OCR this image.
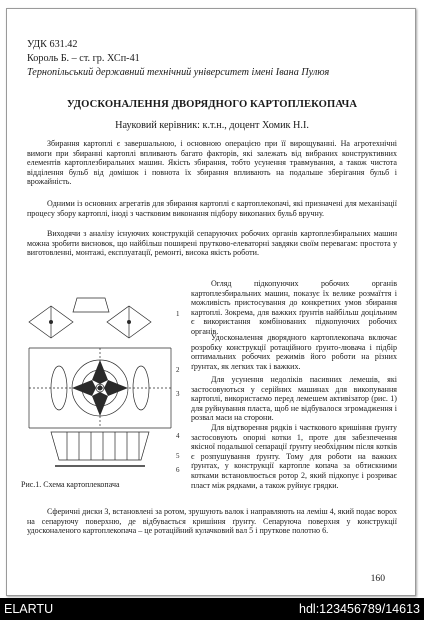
УДК 631.42
Король Б. – ст. гр. ХСп-41
Тернопільський державний технічний університет імені Івана Пулюя
УДОСКОНАЛЕННЯ ДВОРЯДНОГО КАРТОПЛЕКОПАЧА
Науковий керівник: к.т.н., доцент Хомик Н.І.

Збирання картоплі є завершальною, і основною операцією при її вирощуванні. На агротехнічні вимоги при збиранні картоплі впливають багато факторів, які залежать від вибраних конструктивних елементів картоплезбиральних машин. Якість збирання, тобто усунення травмування, а також чистота відділення бульб від домішок і повнота їх збирання впливають на подальше зберігання бульб і врожайність.

Одними із основних агрегатів для збирання картоплі є картоплекопачі, які призначені для механізації процесу збору картоплі, іноді з частковим виконання підбору викопаних бульб вручну.

Виходячи з аналізу існуючих конструкцій сепаруючих робочих органів картоплезбиральних машин можна зробити висновок, що найбільш поширені прутково-елеваторні завдяки своїм перевагам: простота у виготовленні, монтажі, експлуатації, ремонті, висока якість роботи.

1
2
3
4
5
6

Огляд підкопуючих робочих органів картоплезбиральних машин, показує їх велике розмаїття і можливість пристосування до конкретних умов збирання картоплі. Зокрема, для важких ґрунтів найбільш доцільним є використання комбінованих підкопуючих робочих органів.

Удосконалення дворядного картоплекопача включає розробку конструкції ротаційного ґрунто-лювача і підбір оптимальних робочих режимів його роботи на різних ґрунтах, як легких так і важких.

Для усунення недоліків пасивних лемешів, які застосовуються у серійних машинах для викопування картоплі, використаємо перед лемешем активізатор (рис. 1) для руйнування пласта, щоб не відбувалося згромадження і розвал маси на сторони.

Для відтворення рядків і часткового кришіння ґрунту застосовують опорні котки 1, проте для забезпечення якісної подальшої сепарації ґрунту необхідним після котків є розпушування ґрунту. Тому для роботи на важких ґрунтах, у конструкції картопле копача за обтискними котками встановлюється ротор 2, який підкопує і розриває пласт між рядками, а також руйнує грядки.

Рис.1. Схема картоплекопача

Сферичні диски 3, встановлені за ротом, зрушують валок і направляють на леміш 4, який подає ворох на сепаруючу поверхню, де відбувається кришіння ґрунту. Сепаруюча поверхня у конструкції удосконаленого картоплекопача – це ротаційний кулачковий вал 5 і пруткове полотно 6.

160
ELARTU	hdl:123456789/14613
